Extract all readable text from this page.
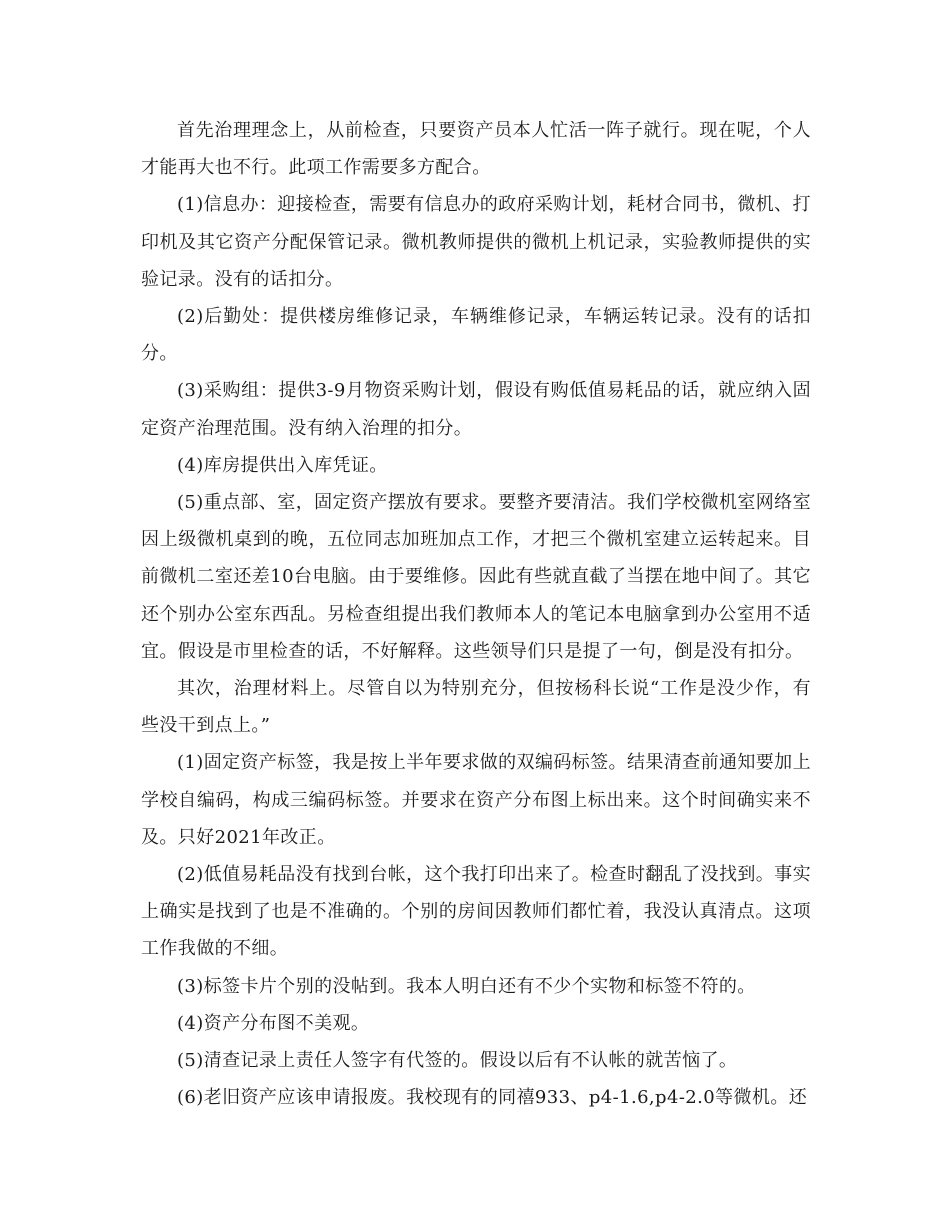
首先治理理念上，从前检查，只要资产员本人忙活一阵子就行。现在呢，个人才能再大也不行。此项工作需要多方配合。

(1)信息办：迎接检查，需要有信息办的政府采购计划，耗材合同书，微机、打印机及其它资产分配保管记录。微机教师提供的微机上机记录，实验教师提供的实验记录。没有的话扣分。

(2)后勤处：提供楼房维修记录，车辆维修记录，车辆运转记录。没有的话扣分。

(3)采购组：提供3-9月物资采购计划，假设有购低值易耗品的话，就应纳入固定资产治理范围。没有纳入治理的扣分。

(4)库房提供出入库凭证。

(5)重点部、室，固定资产摆放有要求。要整齐要清洁。我们学校微机室网络室因上级微机桌到的晚，五位同志加班加点工作，才把三个微机室建立运转起来。目前微机二室还差10台电脑。由于要维修。因此有些就直截了当摆在地中间了。其它还个别办公室东西乱。另检查组提出我们教师本人的笔记本电脑拿到办公室用不适宜。假设是市里检查的话，不好解释。这些领导们只是提了一句，倒是没有扣分。

其次，治理材料上。尽管自以为特别充分，但按杨科长说“工作是没少作，有些没干到点上。”

(1)固定资产标签，我是按上半年要求做的双编码标签。结果清查前通知要加上学校自编码，构成三编码标签。并要求在资产分布图上标出来。这个时间确实来不及。只好2021年改正。

(2)低值易耗品没有找到台帐，这个我打印出来了。检查时翻乱了没找到。事实上确实是找到了也是不准确的。个别的房间因教师们都忙着，我没认真清点。这项工作我做的不细。

(3)标签卡片个别的没帖到。我本人明白还有不少个实物和标签不符的。

(4)资产分布图不美观。

(5)清查记录上责任人签字有代签的。假设以后有不认帐的就苦恼了。

(6)老旧资产应该申请报废。我校现有的同禧933、p4-1.6,p4-2.0等微机。还
